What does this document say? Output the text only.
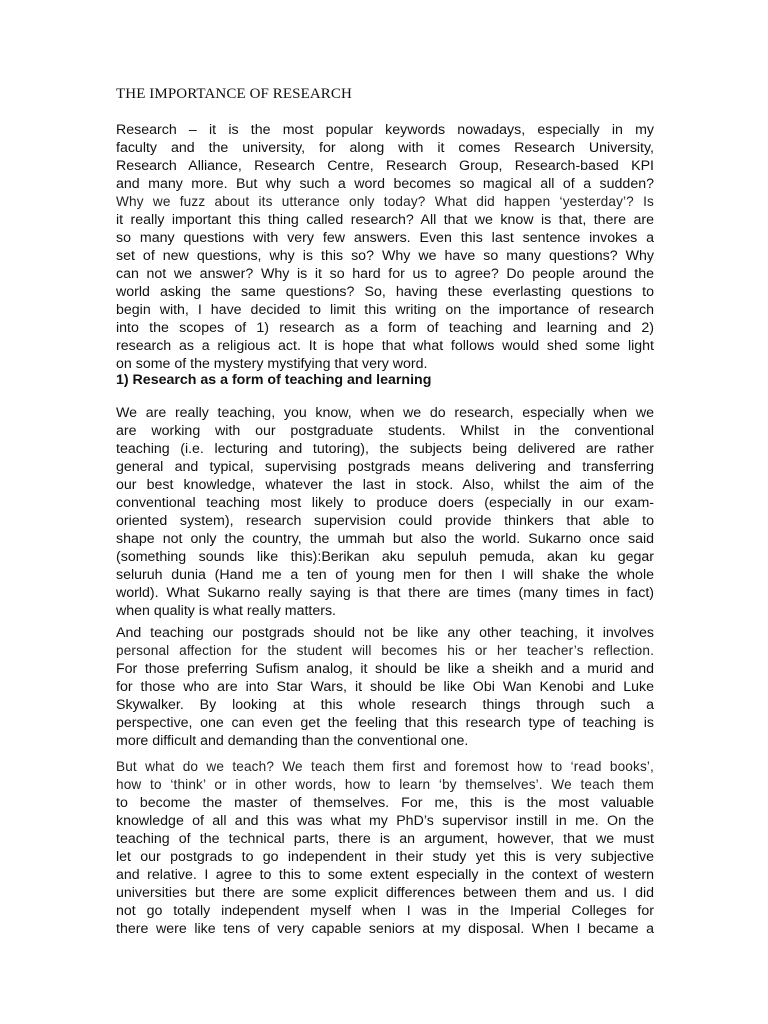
THE IMPORTANCE OF RESEARCH
Research – it is the most popular keywords nowadays, especially in my
faculty and the university, for along with it comes Research University,
Research Alliance, Research Centre, Research Group, Research-based KPI
and many more. But why such a word becomes so magical all of a sudden?
Why we fuzz about its utterance only today? What did happen ‘yesterday’? Is
it really important this thing called research? All that we know is that, there are
so many questions with very few answers. Even this last sentence invokes a
set of new questions, why is this so? Why we have so many questions? Why
can not we answer? Why is it so hard for us to agree? Do people around the
world asking the same questions? So, having these everlasting questions to
begin with, I have decided to limit this writing on the importance of research
into the scopes of 1) research as a form of teaching and learning and 2)
research as a religious act. It is hope that what follows would shed some light
on some of the mystery mystifying that very word.
1) Research as a form of teaching and learning
We are really teaching, you know, when we do research, especially when we
are working with our postgraduate students. Whilst in the conventional
teaching (i.e. lecturing and tutoring), the subjects being delivered are rather
general and typical, supervising postgrads means delivering and transferring
our best knowledge, whatever the last in stock. Also, whilst the aim of the
conventional teaching most likely to produce doers (especially in our exam-
oriented system), research supervision could provide thinkers that able to
shape not only the country, the ummah but also the world. Sukarno once said
(something sounds like this):Berikan aku sepuluh pemuda, akan ku gegar
seluruh dunia (Hand me a ten of young men for then I will shake the whole
world). What Sukarno really saying is that there are times (many times in fact)
when quality is what really matters.
And teaching our postgrads should not be like any other teaching, it involves
personal affection for the student will becomes his or her teacher’s reflection.
For those preferring Sufism analog, it should be like a sheikh and a murid and
for those who are into Star Wars, it should be like Obi Wan Kenobi and Luke
Skywalker. By looking at this whole research things through such a
perspective, one can even get the feeling that this research type of teaching is
more difficult and demanding than the conventional one.
But what do we teach? We teach them first and foremost how to ‘read books’,
how to ‘think’ or in other words, how to learn ‘by themselves’. We teach them
to become the master of themselves. For me, this is the most valuable
knowledge of all and this was what my PhD’s supervisor instill in me. On the
teaching of the technical parts, there is an argument, however, that we must
let our postgrads to go independent in their study yet this is very subjective
and relative. I agree to this to some extent especially in the context of western
universities but there are some explicit differences between them and us. I did
not go totally independent myself when I was in the Imperial Colleges for
there were like tens of very capable seniors at my disposal. When I became a
